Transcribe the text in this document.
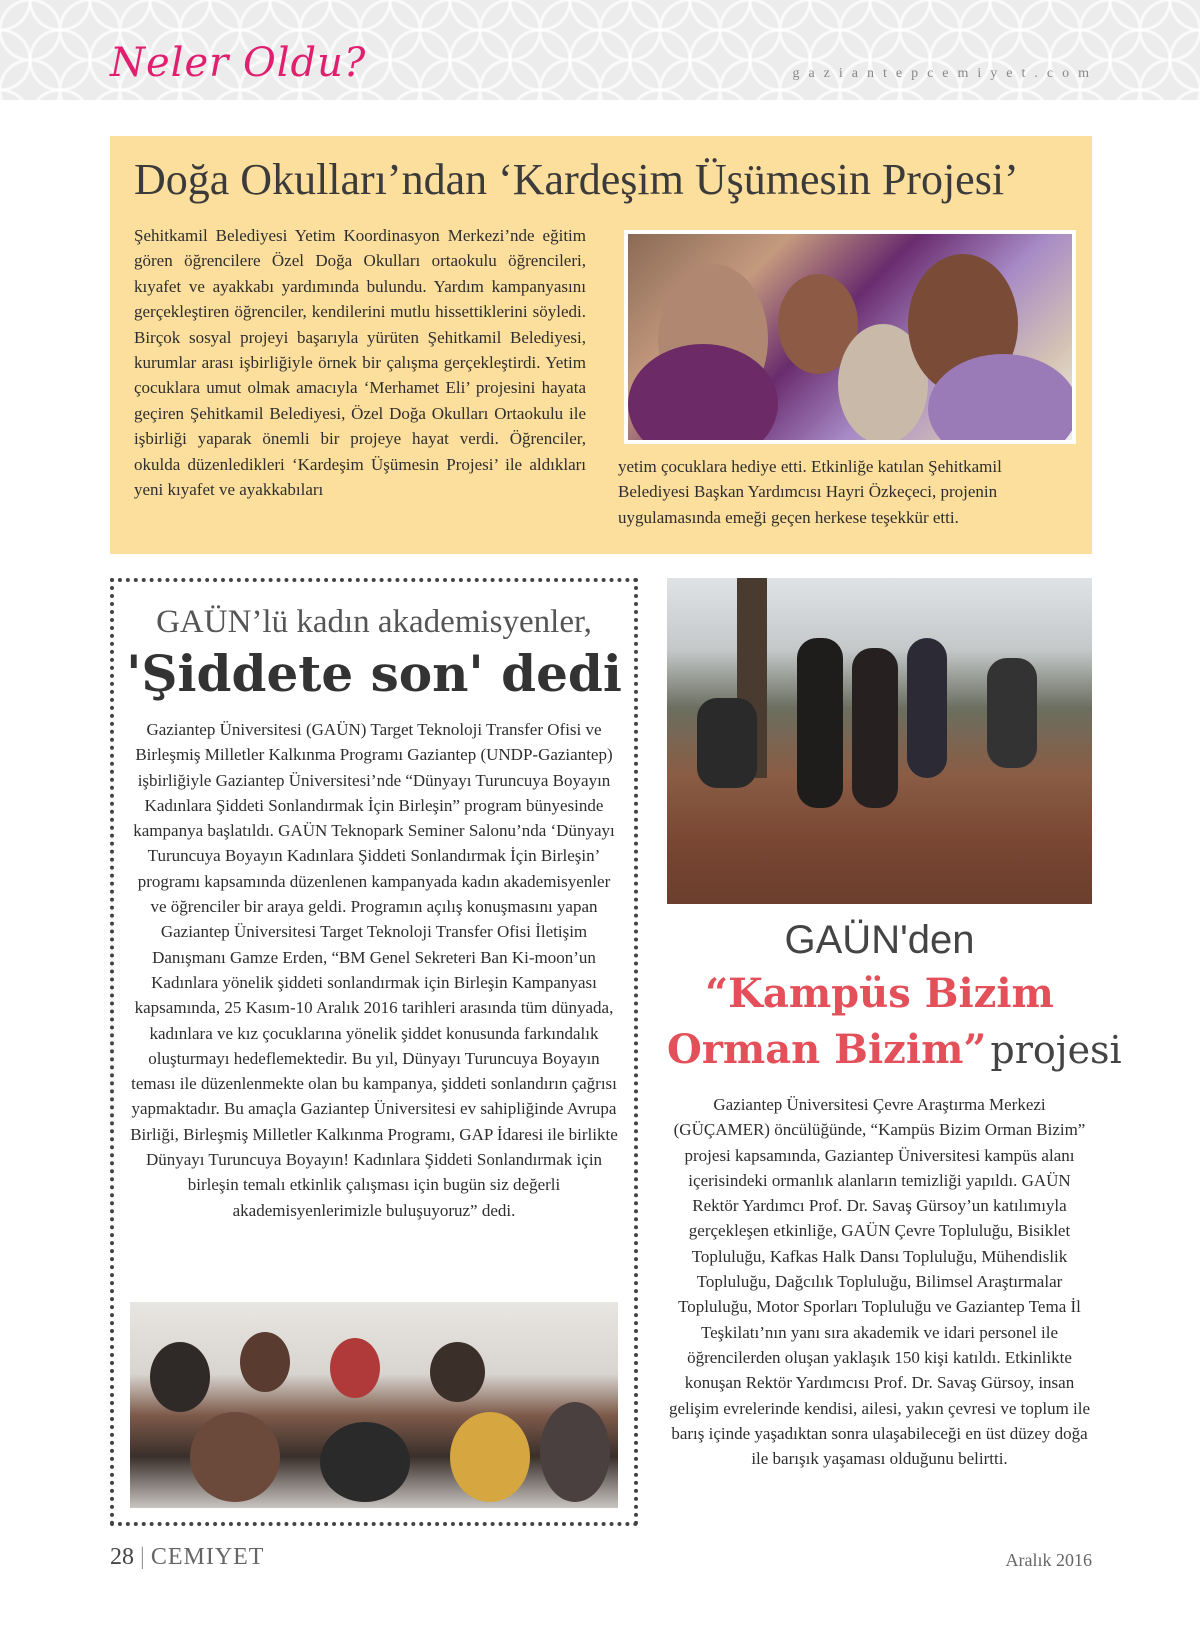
Neler Oldu?	gaziantepcemiyet.com
Doğa Okulları’ndan ‘Kardeşim Üşümesin Projesi’
Şehitkamil Belediyesi Yetim Koordinasyon Merkezi’nde eğitim gören öğrencilere Özel Doğa Okulları ortaokulu öğrencileri, kıyafet ve ayakkabı yardımında bulundu. Yardım kampanyasını gerçekleştiren öğrenciler, kendilerini mutlu hissettiklerini söyledi. Birçok sosyal projeyi başarıyla yürüten Şehitkamil Belediyesi, kurumlar arası işbirliğiyle örnek bir çalışma gerçekleştirdi. Yetim çocuklara umut olmak amacıyla ‘Merhamet Eli’ projesini hayata geçiren Şehitkamil Belediyesi, Özel Doğa Okulları Ortaokulu ile işbirliği yaparak önemli bir projeye hayat verdi. Öğrenciler, okulda düzenledikleri ‘Kardeşim Üşümesin Projesi’ ile aldıkları yeni kıyafet ve ayakkabıları
yetim çocuklara hediye etti. Etkinliğe katılan Şehitkamil Belediyesi Başkan Yardımcısı Hayri Özkeçeci, projenin uygulamasında emeği geçen herkese teşekkür etti.
GAÜN’lü kadın akademisyenler,
'Şiddete son' dedi
Gaziantep Üniversitesi (GAÜN) Target Teknoloji Transfer Ofisi ve Birleşmiş Milletler Kalkınma Programı Gaziantep (UNDP-Gaziantep) işbirliğiyle Gaziantep Üniversitesi’nde “Dünyayı Turuncuya Boyayın Kadınlara Şiddeti Sonlandırmak İçin Birleşin” program bünyesinde kampanya başlatıldı. GAÜN Teknopark Seminer Salonu’nda ‘Dünyayı Turuncuya Boyayın Kadınlara Şiddeti Sonlandırmak İçin Birleşin’ programı kapsamında düzenlenen kampanyada kadın akademisyenler ve öğrenciler bir araya geldi. Programın açılış konuşmasını yapan Gaziantep Üniversitesi Target Teknoloji Transfer Ofisi İletişim Danışmanı Gamze Erden, “BM Genel Sekreteri Ban Ki-moon’un Kadınlara yönelik şiddeti sonlandırmak için Birleşin Kampanyası kapsamında, 25 Kasım-10 Aralık 2016 tarihleri arasında tüm dünyada, kadınlara ve kız çocuklarına yönelik şiddet konusunda farkındalık oluşturmayı hedeflemektedir. Bu yıl, Dünyayı Turuncuya Boyayın teması ile düzenlenmekte olan bu kampanya, şiddeti sonlandırın çağrısı yapmaktadır. Bu amaçla Gaziantep Üniversitesi ev sahipliğinde Avrupa Birliği, Birleşmiş Milletler Kalkınma Programı, GAP İdaresi ile birlikte Dünyayı Turuncuya Boyayın! Kadınlara Şiddeti Sonlandırmak için birleşin temalı etkinlik çalışması için bugün siz değerli akademisyenlerimizle buluşuyoruz” dedi.
GAÜN'den
“Kampüs Bizim
Orman Bizim” projesi
Gaziantep Üniversitesi Çevre Araştırma Merkezi (GÜÇAMER) öncülüğünde, “Kampüs Bizim Orman Bizim” projesi kapsamında, Gaziantep Üniversitesi kampüs alanı içerisindeki ormanlık alanların temizliği yapıldı. GAÜN Rektör Yardımcı Prof. Dr. Savaş Gürsoy’un katılımıyla gerçekleşen etkinliğe, GAÜN Çevre Topluluğu, Bisiklet Topluluğu, Kafkas Halk Dansı Topluluğu, Mühendislik Topluluğu, Dağcılık Topluluğu, Bilimsel Araştırmalar Topluluğu, Motor Sporları Topluluğu ve Gaziantep Tema İl Teşkilatı’nın yanı sıra akademik ve idari personel ile öğrencilerden oluşan yaklaşık 150 kişi katıldı. Etkinlikte konuşan Rektör Yardımcısı Prof. Dr. Savaş Gürsoy, insan gelişim evrelerinde kendisi, ailesi, yakın çevresi ve toplum ile barış içinde yaşadıktan sonra ulaşabileceği en üst düzey doğa ile barışık yaşaması olduğunu belirtti.
28 | CEMIYET	Aralık 2016
